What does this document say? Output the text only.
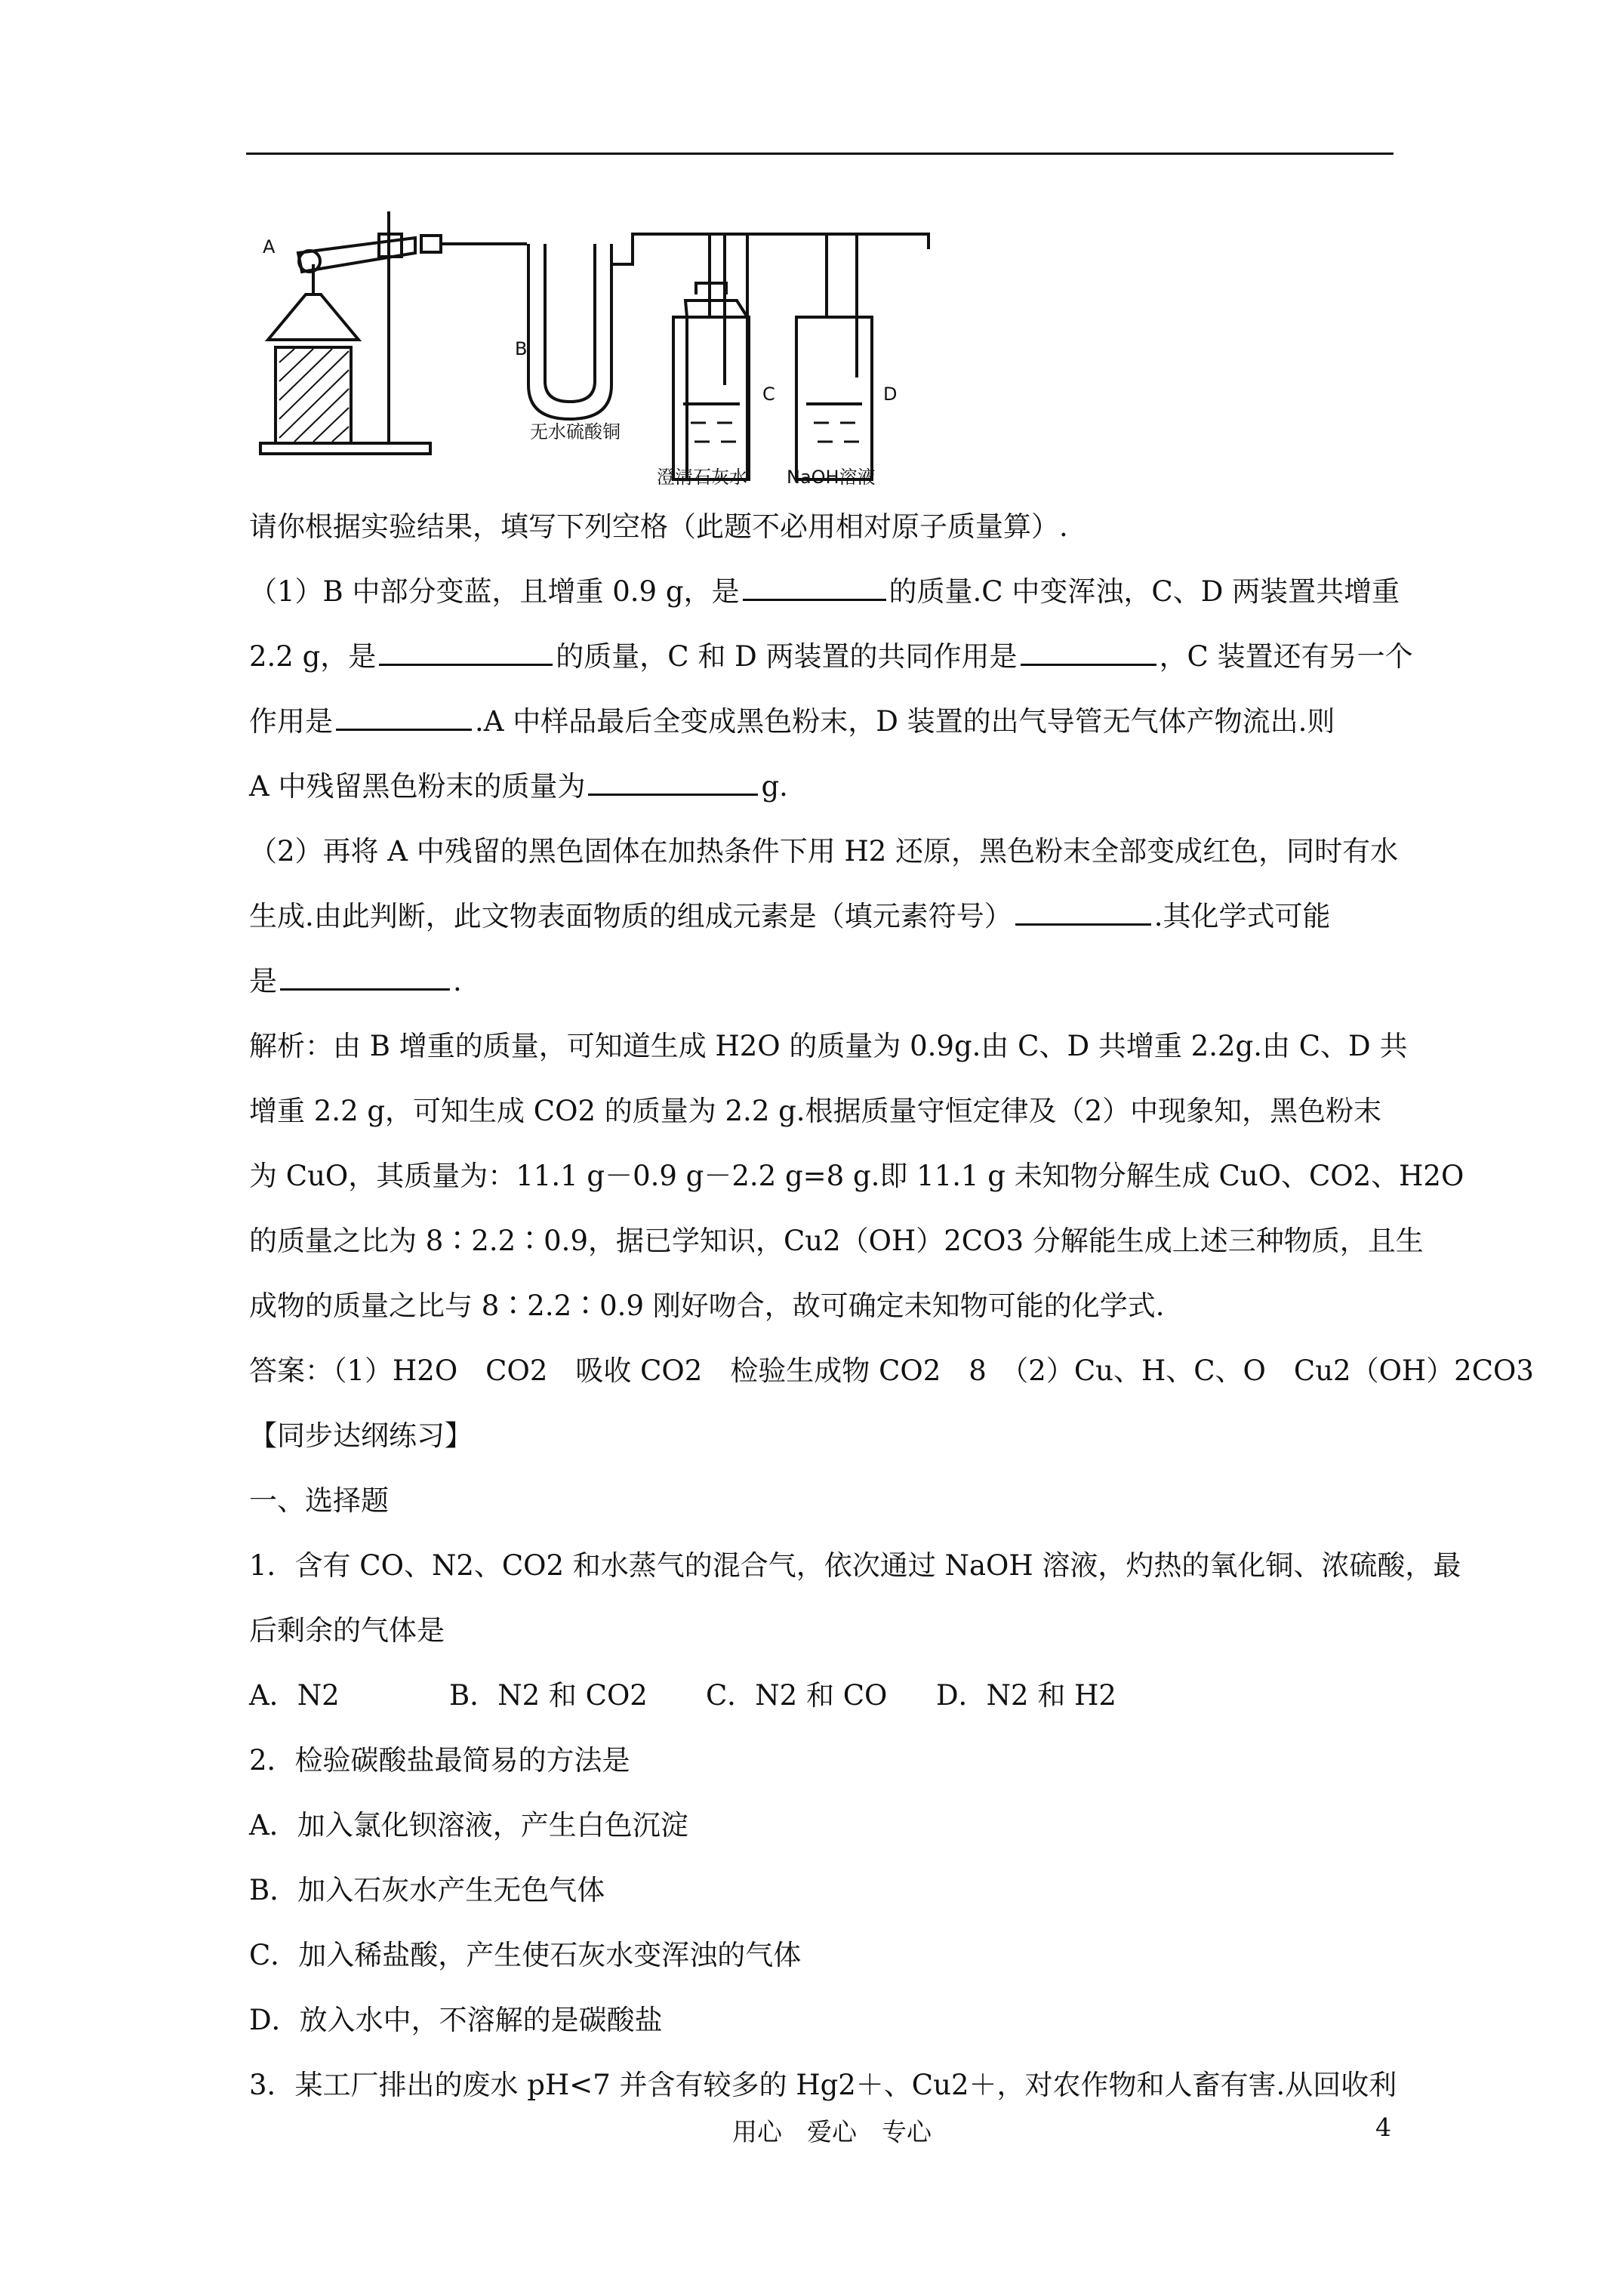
A
B
C	D
无水硫酸铜
澄清石灰水 NaOH溶液
请你根据实验结果，填写下列空格（此题不必用相对原子质量算）.
（1）B 中部分变蓝，且增重 0.9 g，是	的质量.C 中变浑浊，C、D 两装置共增重
2.2 g，是	的质量，C 和 D 两装置的共同作用是	，C 装置还有另一个
作用是	.A 中样品最后全变成黑色粉末，D 装置的出气导管无气体产物流出.则
A 中残留黑色粉末的质量为	g.
（2）再将 A 中残留的黑色固体在加热条件下用 H2 还原，黑色粉末全部变成红色，同时有水
生成.由此判断，此文物表面物质的组成元素是（填元素符号）	.其化学式可能
是	.
解析：由 B 增重的质量，可知道生成 H2O 的质量为 0.9g.由 C、D 共增重 2.2g.由 C、D 共
增重 2.2 g，可知生成 CO2 的质量为 2.2 g.根据质量守恒定律及（2）中现象知，黑色粉末
为 CuO，其质量为：11.1 g－0.9 g－2.2 g=8 g.即 11.1 g 未知物分解生成 CuO、CO2、H2O
的质量之比为 8∶2.2∶0.9，据已学知识，Cu2（OH）2CO3 分解能生成上述三种物质，且生
成物的质量之比与 8∶2.2∶0.9 刚好吻合，故可确定未知物可能的化学式.
答案：（1）H2O　CO2　吸收 CO2　检验生成物 CO2　8　（2）Cu、H、C、O　Cu2（OH）2CO3
【同步达纲练习】
一、选择题
1．含有 CO、N2、CO2 和水蒸气的混合气，依次通过 NaOH 溶液，灼热的氧化铜、浓硫酸，最
后剩余的气体是
A．N2	B．N2 和 CO2 C．N2 和 CO D．N2 和 H2
2．检验碳酸盐最简易的方法是
A．加入氯化钡溶液，产生白色沉淀
B．加入石灰水产生无色气体
C．加入稀盐酸，产生使石灰水变浑浊的气体
D．放入水中，不溶解的是碳酸盐
3．某工厂排出的废水 pH<7 并含有较多的 Hg2＋、Cu2＋，对农作物和人畜有害.从回收利
用心　爱心　专心	4
